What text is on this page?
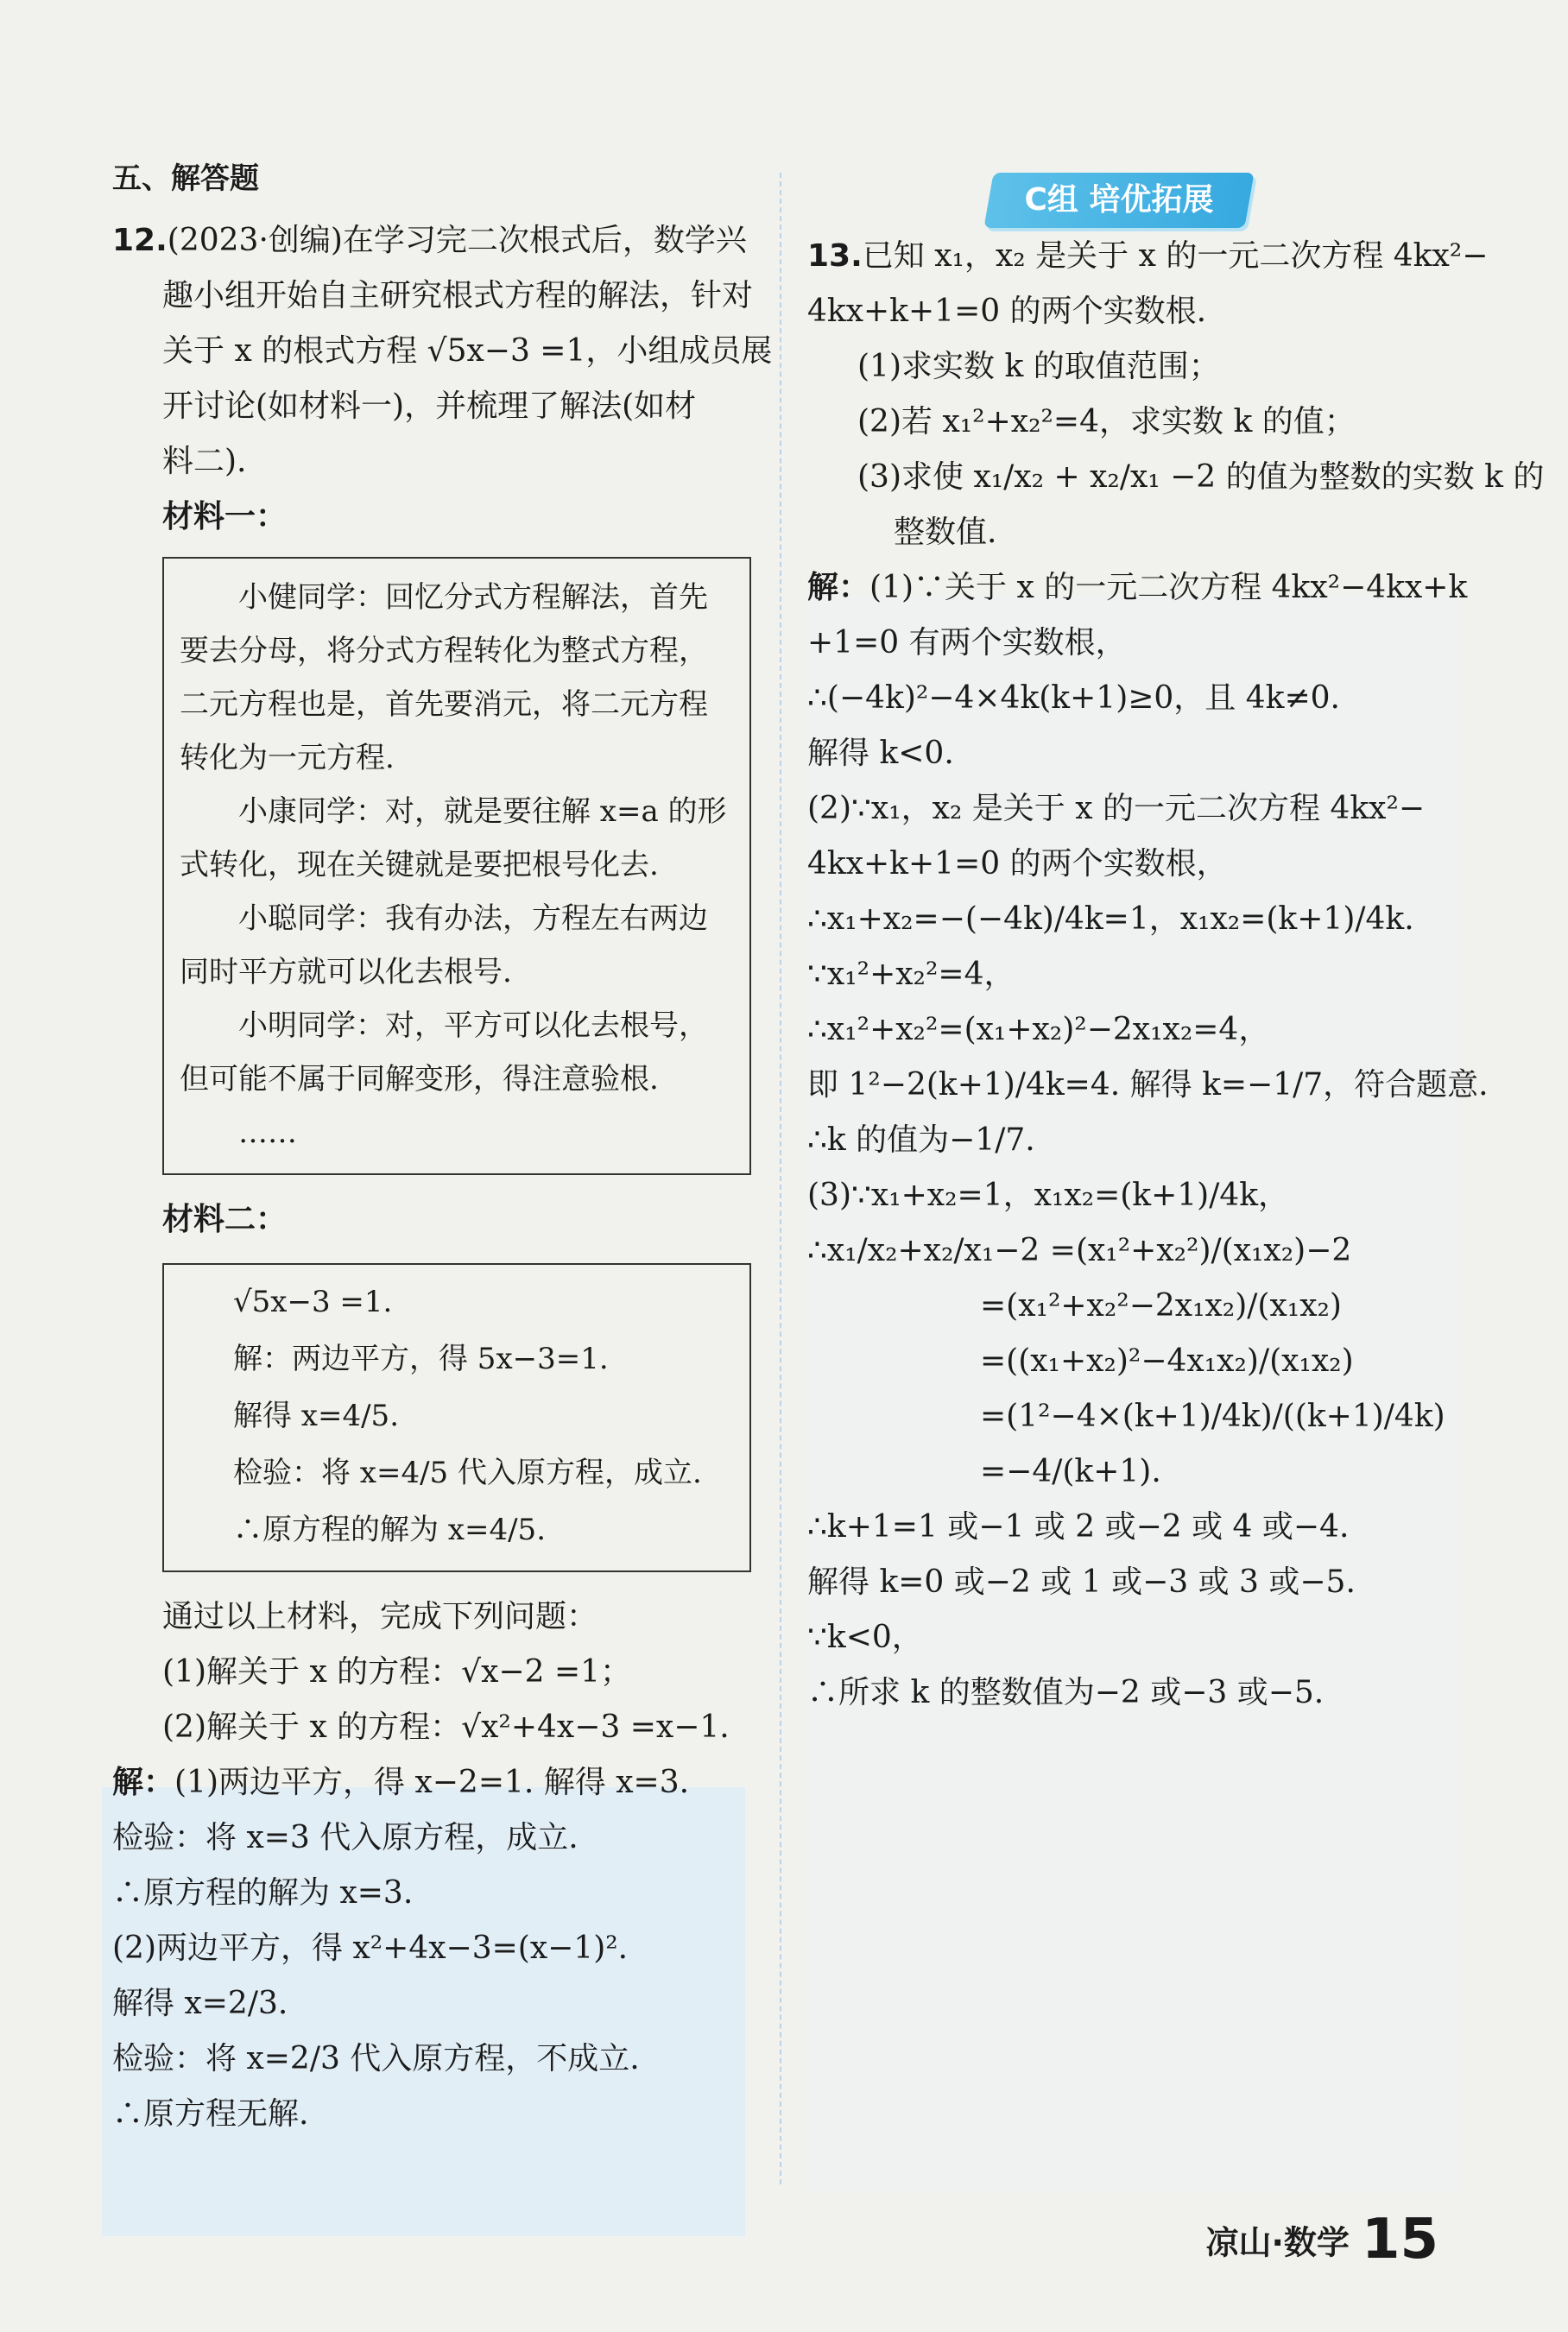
五、解答题
12.(2023·创编)在学习完二次根式后，数学兴
趣小组开始自主研究根式方程的解法，针对
关于 x 的根式方程 √5x−3 =1，小组成员展
开讨论(如材料一)，并梳理了解法(如材
料二).
材料一：

小健同学：回忆分式方程解法，首先要去分母，将分式方程转化为整式方程，二元方程也是，首先要消元，将二元方程转化为一元方程.

小康同学：对，就是要往解 x=a 的形式转化，现在关键就是要把根号化去.

小聪同学：我有办法，方程左右两边同时平方就可以化去根号.

小明同学：对，平方可以化去根号，但可能不属于同解变形，得注意验根.

……

材料二：
√5x−3 =1.
解：两边平方，得 5x−3=1.
解得 x=4/5.
检验：将 x=4/5 代入原方程，成立.
∴原方程的解为 x=4/5.
通过以上材料，完成下列问题：
(1)解关于 x 的方程：√x−2 =1；
(2)解关于 x 的方程：√x²+4x−3 =x−1.
解：(1)两边平方，得 x−2=1. 解得 x=3.
检验：将 x=3 代入原方程，成立.
∴原方程的解为 x=3.
(2)两边平方，得 x²+4x−3=(x−1)².
解得 x=2/3.
检验：将 x=2/3 代入原方程，不成立.
∴原方程无解.
C组 培优拓展
13.已知 x₁，x₂ 是关于 x 的一元二次方程 4kx²−
4kx+k+1=0 的两个实数根.
(1)求实数 k 的取值范围；
(2)若 x₁²+x₂²=4，求实数 k 的值；
(3)求使 x₁/x₂ + x₂/x₁ −2 的值为整数的实数 k 的
整数值.
解：(1)∵关于 x 的一元二次方程 4kx²−4kx+k
+1=0 有两个实数根，
∴(−4k)²−4×4k(k+1)≥0，且 4k≠0.
解得 k<0.
(2)∵x₁，x₂ 是关于 x 的一元二次方程 4kx²−
4kx+k+1=0 的两个实数根，
∴x₁+x₂=−(−4k)/4k=1，x₁x₂=(k+1)/4k.
∵x₁²+x₂²=4，
∴x₁²+x₂²=(x₁+x₂)²−2x₁x₂=4，
即 1²−2(k+1)/4k=4. 解得 k=−1/7，符合题意.
∴k 的值为−1/7.
(3)∵x₁+x₂=1，x₁x₂=(k+1)/4k，
∴x₁/x₂+x₂/x₁−2 =(x₁²+x₂²)/(x₁x₂)−2
=(x₁²+x₂²−2x₁x₂)/(x₁x₂)
=((x₁+x₂)²−4x₁x₂)/(x₁x₂)
=(1²−4×(k+1)/4k)/((k+1)/4k)
=−4/(k+1).
∴k+1=1 或−1 或 2 或−2 或 4 或−4.
解得 k=0 或−2 或 1 或−3 或 3 或−5.
∵k<0，
∴所求 k 的整数值为−2 或−3 或−5.
凉山·数学 15
